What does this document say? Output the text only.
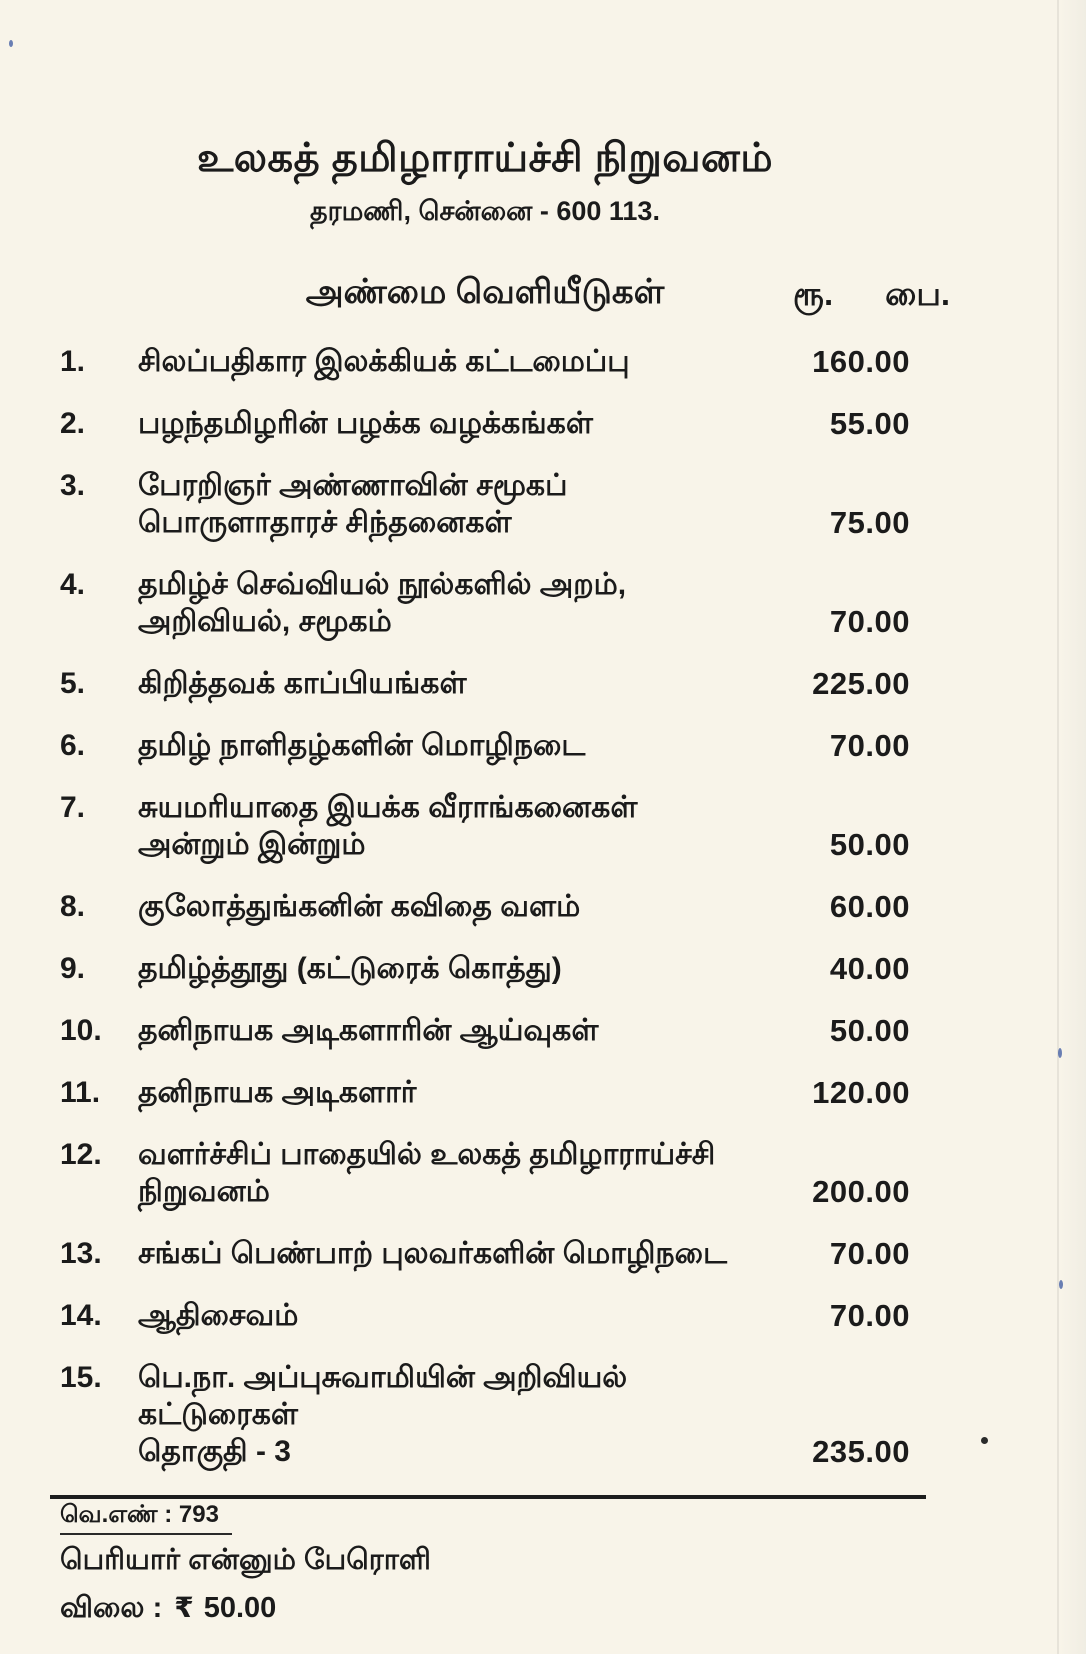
உலகத் தமிழாராய்ச்சி நிறுவனம்
தரமணி, சென்னை - 600 113.
அண்மை வெளியீடுகள்	ரூ. பை.
1.	சிலப்பதிகார இலக்கியக் கட்டமைப்பு	160.00
2.	பழந்தமிழரின் பழக்க வழக்கங்கள்	55.00
3.	பேரறிஞர் அண்ணாவின் சமூகப்
பொருளாதாரச் சிந்தனைகள்	75.00
4.	தமிழ்ச் செவ்வியல் நூல்களில் அறம்,
அறிவியல், சமூகம்	70.00
5.	கிறித்தவக் காப்பியங்கள்	225.00
6.	தமிழ் நாளிதழ்களின் மொழிநடை	70.00
7.	சுயமரியாதை இயக்க வீராங்கனைகள்
அன்றும் இன்றும்	50.00
8.	குலோத்துங்கனின் கவிதை வளம்	60.00
9.	தமிழ்த்தூது (கட்டுரைக் கொத்து)	40.00
10.	தனிநாயக அடிகளாரின் ஆய்வுகள்	50.00
11.	தனிநாயக அடிகளார்	120.00
12.	வளர்ச்சிப் பாதையில் உலகத் தமிழாராய்ச்சி
நிறுவனம்	200.00
13.	சங்கப் பெண்பாற் புலவர்களின் மொழிநடை	70.00
14.	ஆதிசைவம்	70.00
15.	பெ.நா. அப்புசுவாமியின் அறிவியல் கட்டுரைகள்
தொகுதி - 3	235.00
வெ.எண் : 793
பெரியார் என்னும் பேரொளி
விலை : ₹ 50.00
